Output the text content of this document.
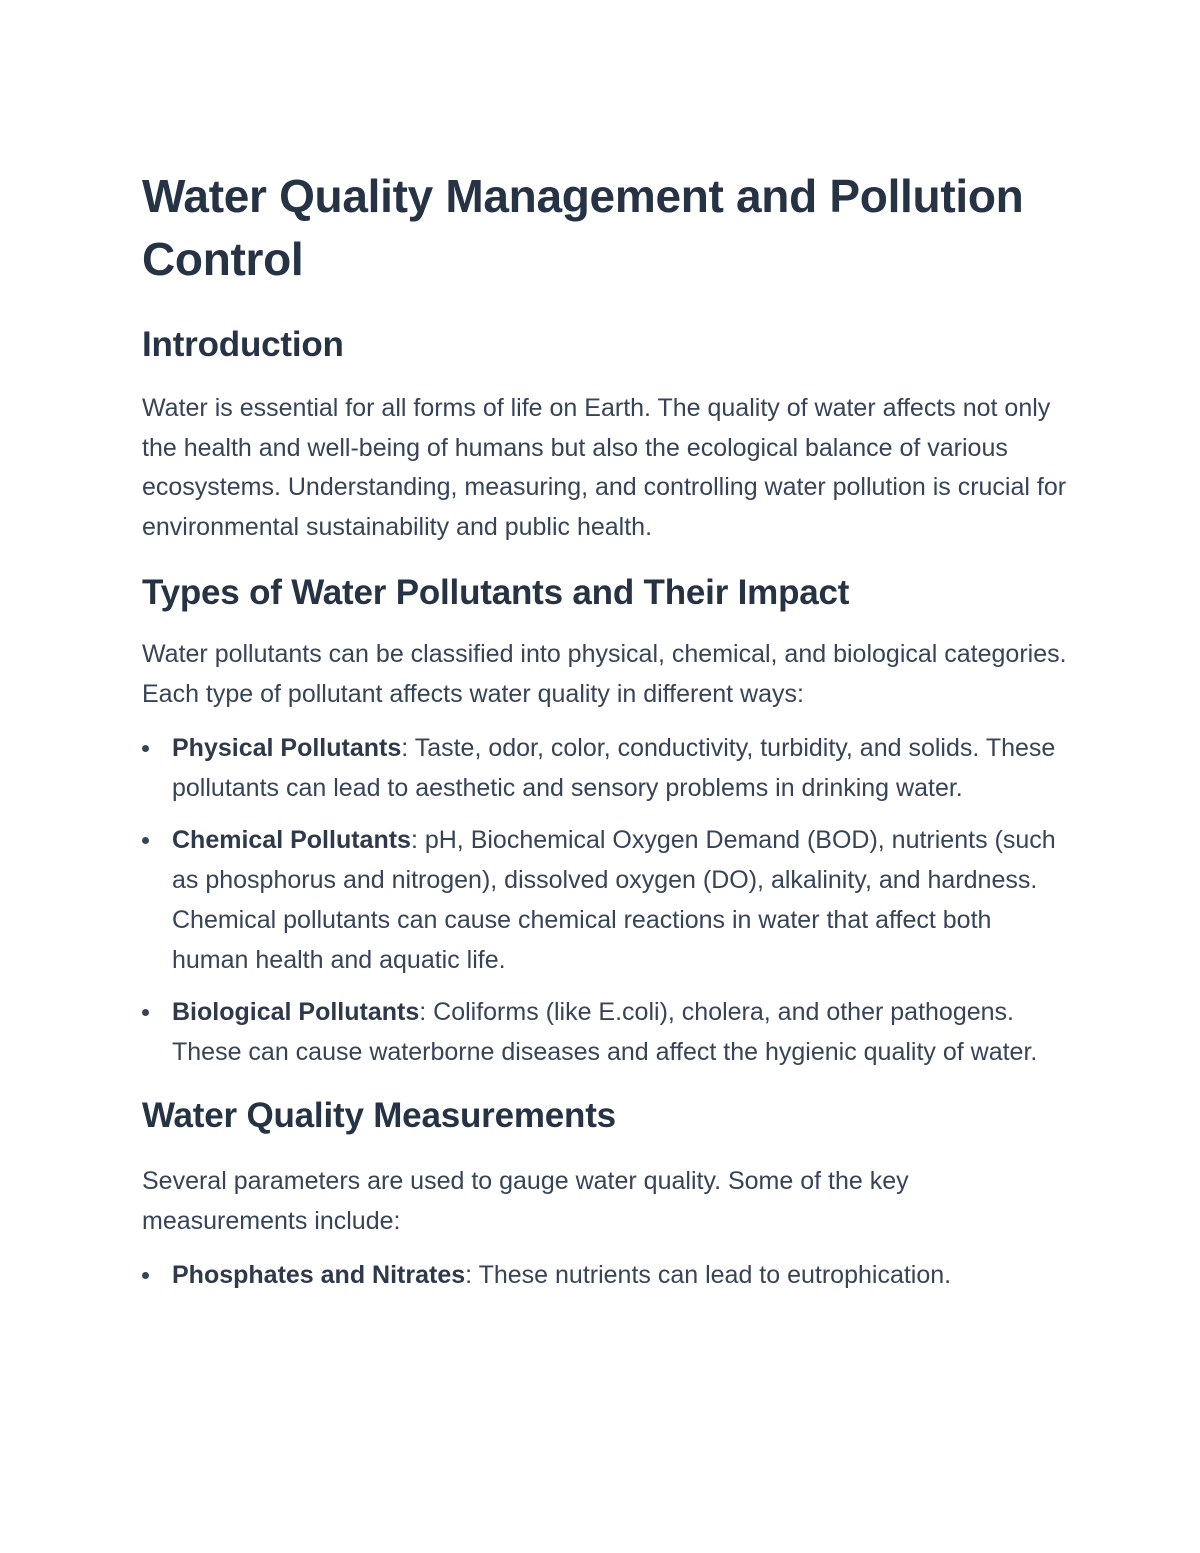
Water Quality Management and Pollution Control
Introduction

Water is essential for all forms of life on Earth. The quality of water affects not only the health and well-being of humans but also the ecological balance of various ecosystems. Understanding, measuring, and controlling water pollution is crucial for environmental sustainability and public health.

Types of Water Pollutants and Their Impact

Water pollutants can be classified into physical, chemical, and biological categories. Each type of pollutant affects water quality in different ways:

Physical Pollutants: Taste, odor, color, conductivity, turbidity, and solids. These pollutants can lead to aesthetic and sensory problems in drinking water.
Chemical Pollutants: pH, Biochemical Oxygen Demand (BOD), nutrients (such as phosphorus and nitrogen), dissolved oxygen (DO), alkalinity, and hardness. Chemical pollutants can cause chemical reactions in water that affect both human health and aquatic life.
Biological Pollutants: Coliforms (like E.coli), cholera, and other pathogens. These can cause waterborne diseases and affect the hygienic quality of water.
Water Quality Measurements

Several parameters are used to gauge water quality. Some of the key measurements include:

Phosphates and Nitrates: These nutrients can lead to eutrophication.
